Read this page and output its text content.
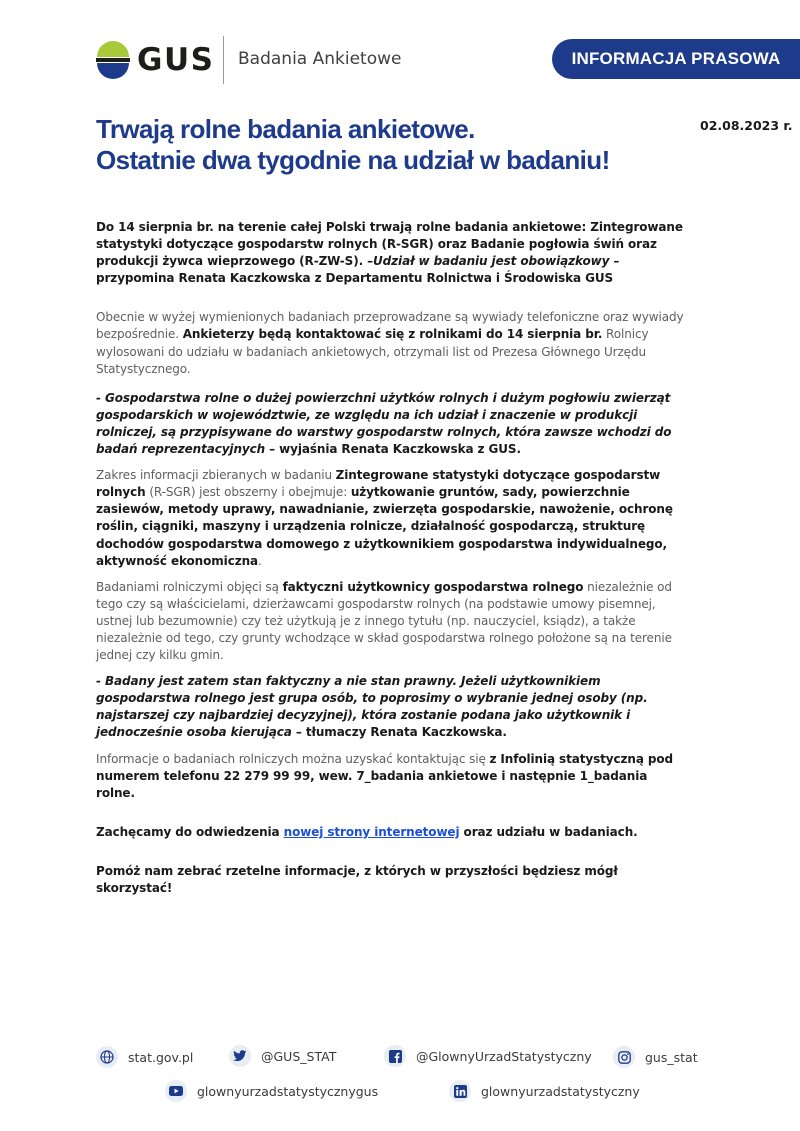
GUS Badania Ankietowe	INFORMACJA PRASOWA
02.08.2023 r.
Trwają rolne badania ankietowe.
Ostatnie dwa tygodnie na udział w badaniu!

Do 14 sierpnia br. na terenie całej Polski trwają rolne badania ankietowe: Zintegrowane statystyki dotyczące gospodarstw rolnych (R-SGR) oraz Badanie pogłowia świń oraz produkcji żywca wieprzowego (R-ZW-S). –Udział w badaniu jest obowiązkowy – przypomina Renata Kaczkowska z Departamentu Rolnictwa i Środowiska GUS

Obecnie w wyżej wymienionych badaniach przeprowadzane są wywiady telefoniczne oraz wywiady bezpośrednie. Ankieterzy będą kontaktować się z rolnikami do 14 sierpnia br. Rolnicy wylosowani do udziału w badaniach ankietowych, otrzymali list od Prezesa Głównego Urzędu Statystycznego.

- Gospodarstwa rolne o dużej powierzchni użytków rolnych i dużym pogłowiu zwierząt gospodarskich w województwie, ze względu na ich udział i znaczenie w produkcji rolniczej, są przypisywane do warstwy gospodarstw rolnych, która zawsze wchodzi do badań reprezentacyjnych – wyjaśnia Renata Kaczkowska z GUS.

Zakres informacji zbieranych w badaniu Zintegrowane statystyki dotyczące gospodarstw rolnych (R-SGR) jest obszerny i obejmuje: użytkowanie gruntów, sady, powierzchnie zasiewów, metody uprawy, nawadnianie, zwierzęta gospodarskie, nawożenie, ochronę roślin, ciągniki, maszyny i urządzenia rolnicze, działalność gospodarczą, strukturę dochodów gospodarstwa domowego z użytkownikiem gospodarstwa indywidualnego, aktywność ekonomiczna.

Badaniami rolniczymi objęci są faktyczni użytkownicy gospodarstwa rolnego niezależnie od tego czy są właścicielami, dzierżawcami gospodarstw rolnych (na podstawie umowy pisemnej, ustnej lub bezumownie) czy też użytkują je z innego tytułu (np. nauczyciel, ksiądz), a także niezależnie od tego, czy grunty wchodzące w skład gospodarstwa rolnego położone są na terenie jednej czy kilku gmin.

- Badany jest zatem stan faktyczny a nie stan prawny. Jeżeli użytkownikiem gospodarstwa rolnego jest grupa osób, to poprosimy o wybranie jednej osoby (np. najstarszej czy najbardziej decyzyjnej), która zostanie podana jako użytkownik i jednocześnie osoba kierująca – tłumaczy Renata Kaczkowska.

Informacje o badaniach rolniczych można uzyskać kontaktując się z Infolinią statystyczną pod numerem telefonu 22 279 99 99, wew. 7_badania ankietowe i następnie 1_badania rolne.

Zachęcamy do odwiedzenia nowej strony internetowej oraz udziału w badaniach.

Pomóż nam zebrać rzetelne informacje, z których w przyszłości będziesz mógł skorzystać!

stat.gov.pl	@GUS_STAT	@GlownyUrzadStatystyczny	gus_stat
glownyurzadstatystycznygus	glownyurzadstatystyczny
